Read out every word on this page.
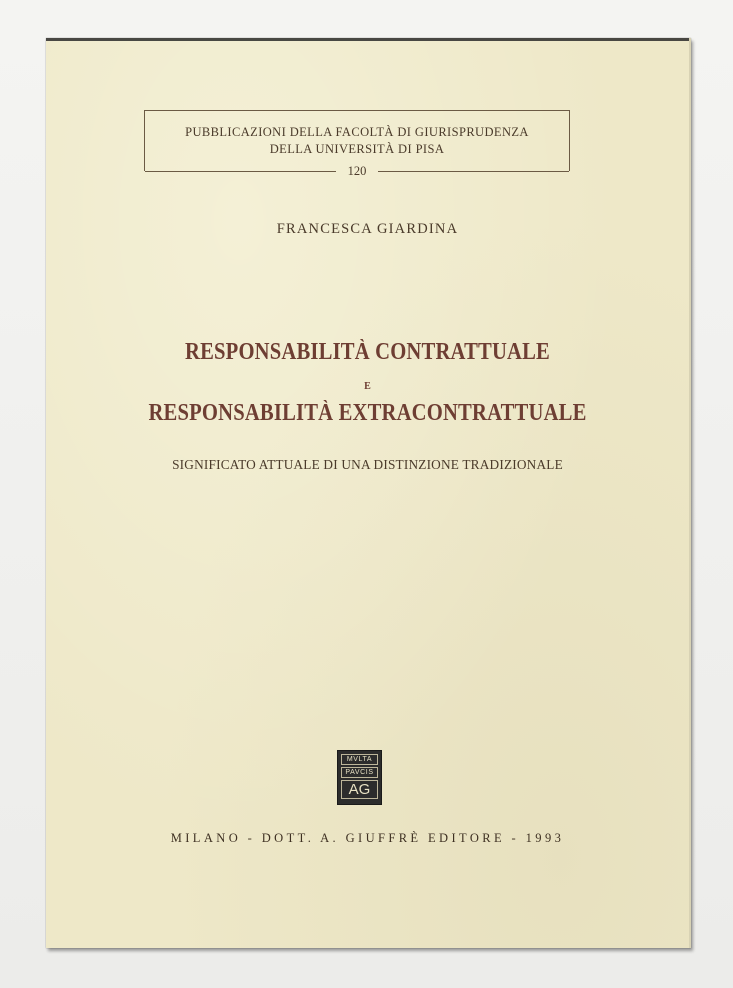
PUBBLICAZIONI DELLA FACOLTÀ DI GIURISPRUDENZA
DELLA UNIVERSITÀ DI PISA
120
FRANCESCA GIARDINA
RESPONSABILITÀ CONTRATTUALE
E
RESPONSABILITÀ EXTRACONTRATTUALE
SIGNIFICATO ATTUALE DI UNA DISTINZIONE TRADIZIONALE
MVLTA
PAVCIS
AG
MILANO - DOTT. A. GIUFFRÈ EDITORE - 1993
